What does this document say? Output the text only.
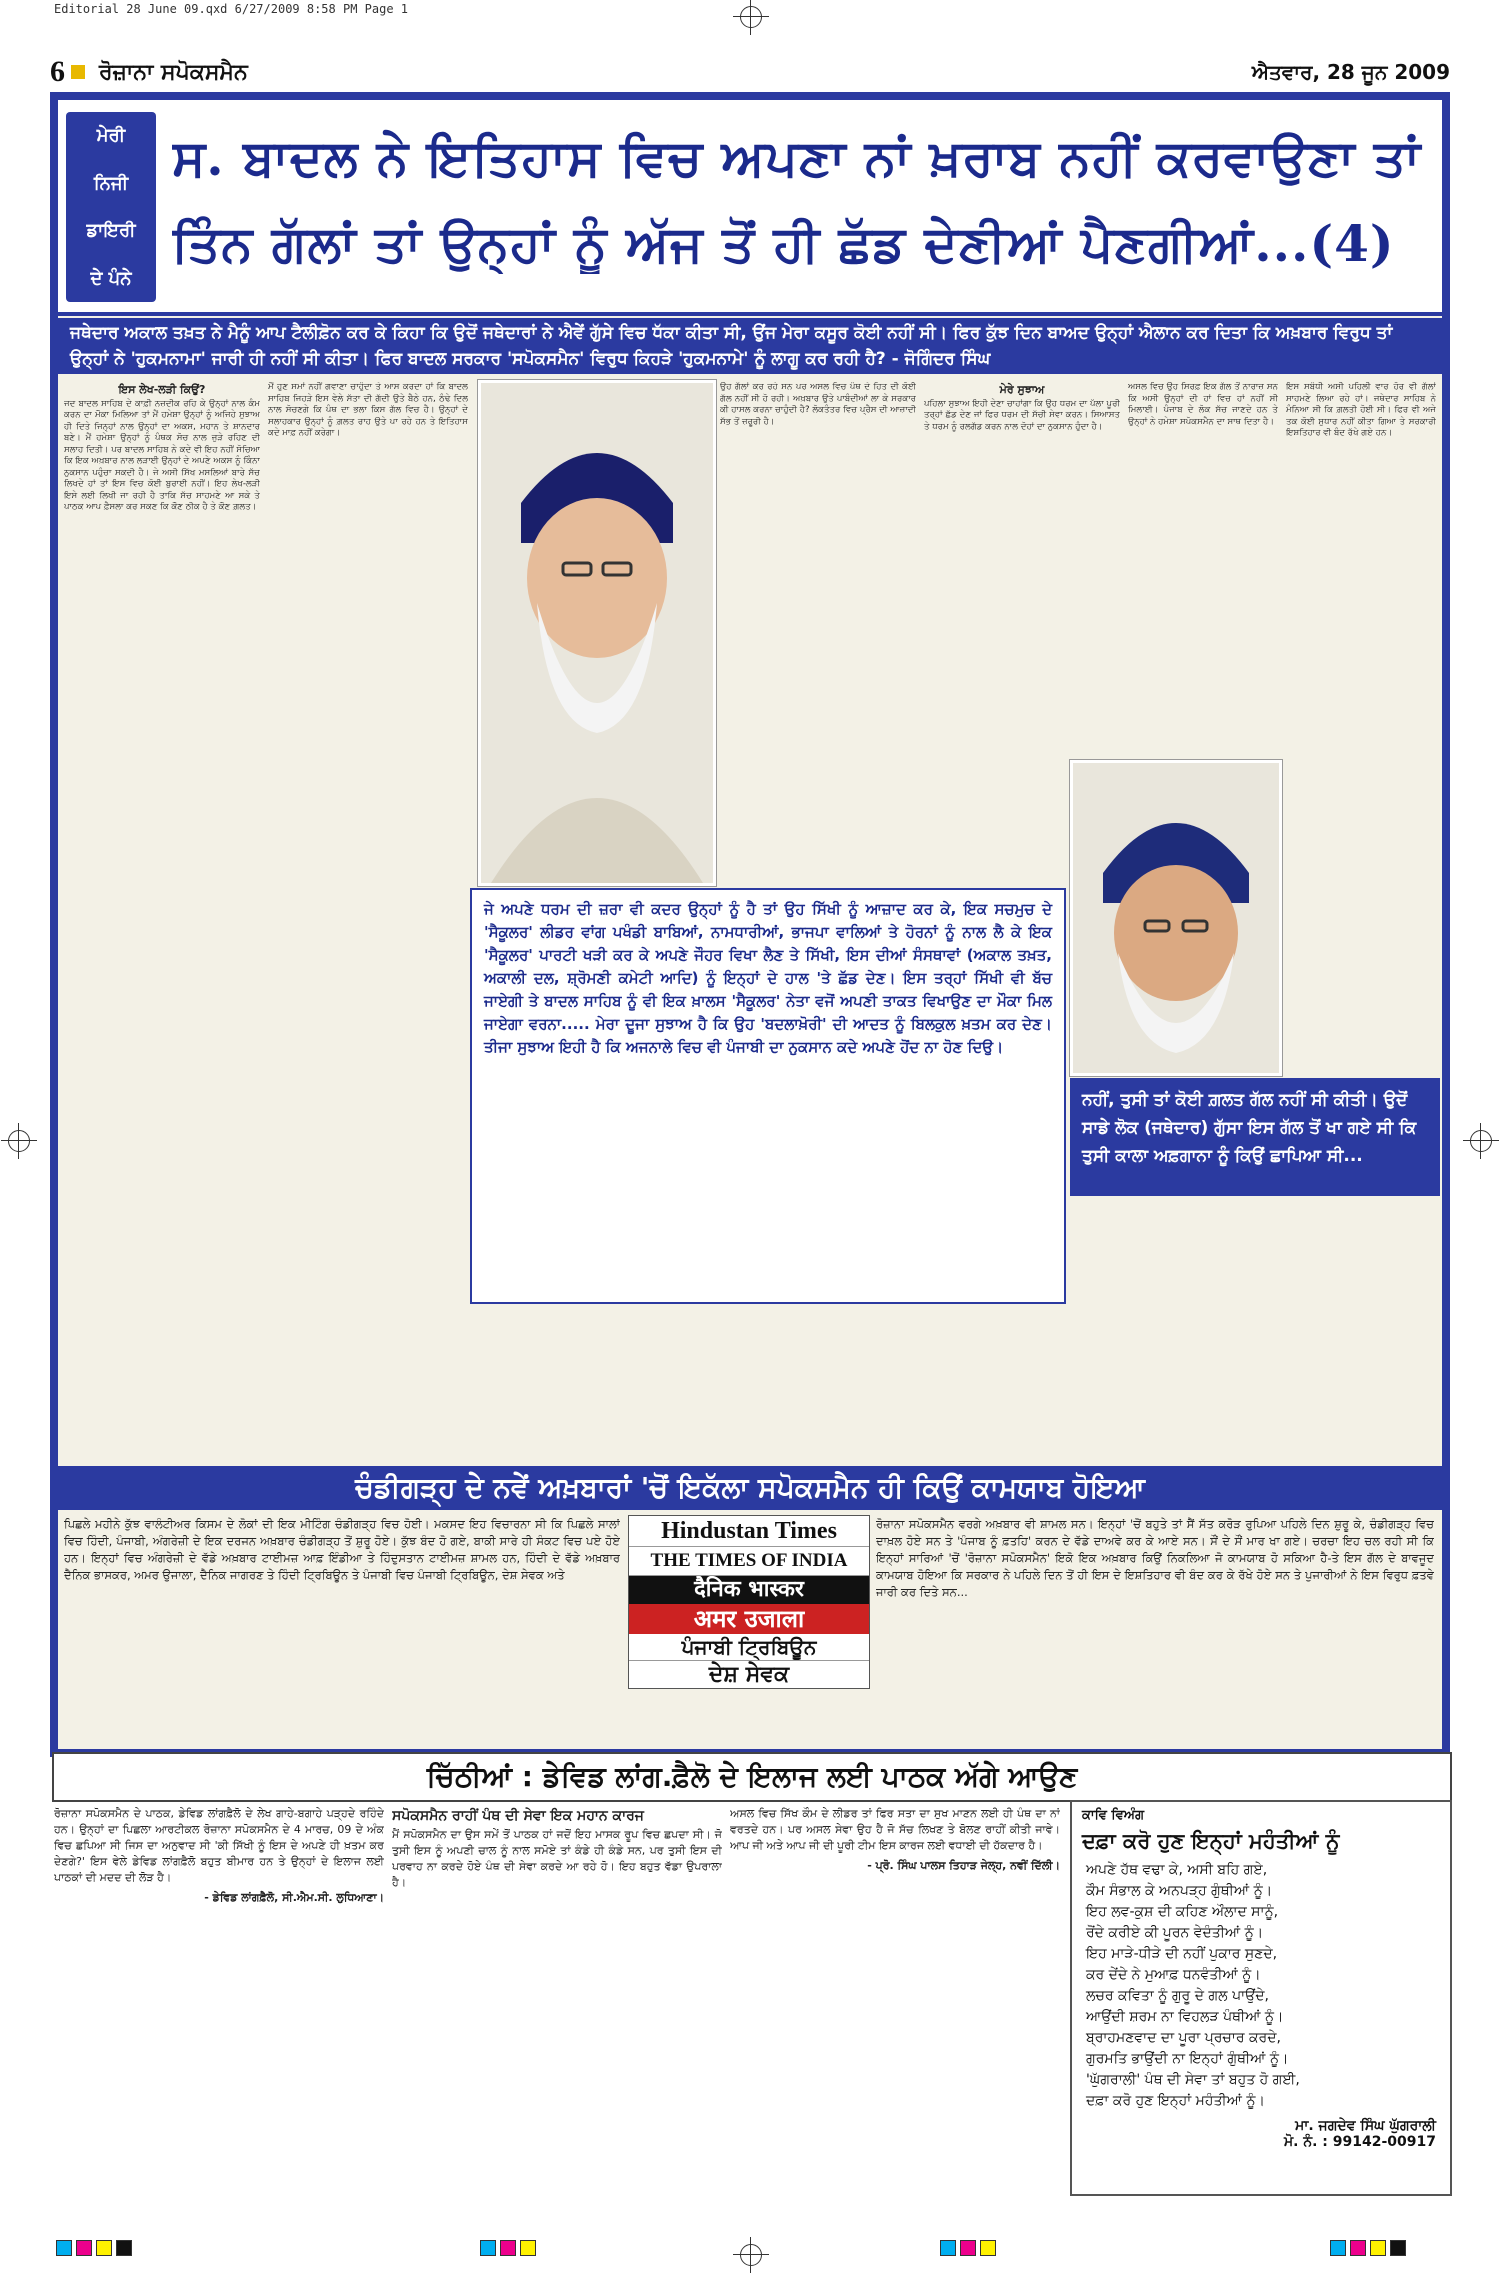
Editorial 28 June 09.qxd 6/27/2009 8:58 PM Page 1
6 ਰੋਜ਼ਾਨਾ ਸਪੋਕਸਮੈਨ	ਐਤਵਾਰ, 28 ਜੂਨ 2009
ਮੇਰੀ
ਨਿਜੀ
ਡਾਇਰੀ
ਦੇ ਪੰਨੇ
ਸ. ਬਾਦਲ ਨੇ ਇਤਿਹਾਸ ਵਿਚ ਅਪਣਾ ਨਾਂ ਖ਼ਰਾਬ ਨਹੀਂ ਕਰਵਾਉਣਾ ਤਾਂ
ਤਿੰਨ ਗੱਲਾਂ ਤਾਂ ਉਨ੍ਹਾਂ ਨੂੰ ਅੱਜ ਤੋਂ ਹੀ ਛੱਡ ਦੇਣੀਆਂ ਪੈਣਗੀਆਂ...(4)
ਜਥੇਦਾਰ ਅਕਾਲ ਤਖ਼ਤ ਨੇ ਮੈਨੂੰ ਆਪ ਟੈਲੀਫ਼ੋਨ ਕਰ ਕੇ ਕਿਹਾ ਕਿ ਉਦੋਂ ਜਥੇਦਾਰਾਂ ਨੇ ਐਵੇਂ ਗੁੱਸੇ ਵਿਚ ਧੱਕਾ ਕੀਤਾ ਸੀ, ਉਂਜ ਮੇਰਾ ਕਸੂਰ ਕੋਈ ਨਹੀਂ ਸੀ। ਫਿਰ ਕੁੱਝ ਦਿਨ ਬਾਅਦ ਉਨ੍ਹਾਂ ਐਲਾਨ ਕਰ ਦਿਤਾ ਕਿ ਅਖ਼ਬਾਰ ਵਿਰੁਧ ਤਾਂ ਉਨ੍ਹਾਂ ਨੇ 'ਹੁਕਮਨਾਮਾ' ਜਾਰੀ ਹੀ ਨਹੀਂ ਸੀ ਕੀਤਾ। ਫਿਰ ਬਾਦਲ ਸਰਕਾਰ 'ਸਪੋਕਸਮੈਨ' ਵਿਰੁਧ ਕਿਹੜੇ 'ਹੁਕਮਨਾਮੇ' ਨੂੰ ਲਾਗੂ ਕਰ ਰਹੀ ਹੈ? - ਜੋਗਿੰਦਰ ਸਿੰਘ
ਇਸ ਲੇਖ-ਲੜੀ ਕਿਉਂ?

ਜਦ ਬਾਦਲ ਸਾਹਿਬ ਦੇ ਕਾਫ਼ੀ ਨਜ਼ਦੀਕ ਰਹਿ ਕੇ ਉਨ੍ਹਾਂ ਨਾਲ ਕੰਮ ਕਰਨ ਦਾ ਮੌਕਾ ਮਿਲਿਆ ਤਾਂ ਮੈਂ ਹਮੇਸ਼ਾ ਉਨ੍ਹਾਂ ਨੂੰ ਅਜਿਹੇ ਸੁਝਾਅ ਹੀ ਦਿਤੇ ਜਿਨ੍ਹਾਂ ਨਾਲ ਉਨ੍ਹਾਂ ਦਾ ਅਕਸ, ਮਹਾਨ ਤੇ ਸ਼ਾਨਦਾਰ ਬਣੇ। ਮੈਂ ਹਮੇਸ਼ਾ ਉਨ੍ਹਾਂ ਨੂੰ ਪੰਥਕ ਸੋਚ ਨਾਲ ਜੁੜੇ ਰਹਿਣ ਦੀ ਸਲਾਹ ਦਿਤੀ। ਪਰ ਬਾਦਲ ਸਾਹਿਬ ਨੇ ਕਦੇ ਵੀ ਇਹ ਨਹੀਂ ਸੋਚਿਆ ਕਿ ਇਕ ਅਖ਼ਬਾਰ ਨਾਲ ਲੜਾਈ ਉਨ੍ਹਾਂ ਦੇ ਅਪਣੇ ਅਕਸ ਨੂੰ ਕਿੰਨਾ ਨੁਕਸਾਨ ਪਹੁੰਚਾ ਸਕਦੀ ਹੈ। ਜੇ ਅਸੀ ਸਿੱਖ ਮਸਲਿਆਂ ਬਾਰੇ ਸੱਚ ਲਿਖਦੇ ਹਾਂ ਤਾਂ ਇਸ ਵਿਚ ਕੋਈ ਬੁਰਾਈ ਨਹੀਂ। ਇਹ ਲੇਖ-ਲੜੀ ਇਸੇ ਲਈ ਲਿਖੀ ਜਾ ਰਹੀ ਹੈ ਤਾਕਿ ਸੱਚ ਸਾਹਮਣੇ ਆ ਸਕੇ ਤੇ ਪਾਠਕ ਆਪ ਫ਼ੈਸਲਾ ਕਰ ਸਕਣ ਕਿ ਕੌਣ ਠੀਕ ਹੈ ਤੇ ਕੌਣ ਗ਼ਲਤ।

ਮੈਂ ਹੁਣ ਸਮਾਂ ਨਹੀਂ ਗਵਾਣਾ ਚਾਹੁੰਦਾ ਤੇ ਆਸ ਕਰਦਾ ਹਾਂ ਕਿ ਬਾਦਲ ਸਾਹਿਬ ਜਿਹੜੇ ਇਸ ਵੇਲੇ ਸੱਤਾ ਦੀ ਗੱਦੀ ਉਤੇ ਬੈਠੇ ਹਨ, ਠੰਢੇ ਦਿਲ ਨਾਲ ਸੋਚਣਗੇ ਕਿ ਪੰਥ ਦਾ ਭਲਾ ਕਿਸ ਗੱਲ ਵਿਚ ਹੈ। ਉਨ੍ਹਾਂ ਦੇ ਸਲਾਹਕਾਰ ਉਨ੍ਹਾਂ ਨੂੰ ਗ਼ਲਤ ਰਾਹ ਉਤੇ ਪਾ ਰਹੇ ਹਨ ਤੇ ਇਤਿਹਾਸ ਕਦੇ ਮਾਫ਼ ਨਹੀਂ ਕਰੇਗਾ।

ਉਹ ਗੱਲਾਂ ਕਰ ਰਹੇ ਸਨ ਪਰ ਅਸਲ ਵਿਚ ਪੰਥ ਦੇ ਹਿਤ ਦੀ ਕੋਈ ਗੱਲ ਨਹੀਂ ਸੀ ਹੋ ਰਹੀ। ਅਖ਼ਬਾਰ ਉਤੇ ਪਾਬੰਦੀਆਂ ਲਾ ਕੇ ਸਰਕਾਰ ਕੀ ਹਾਸਲ ਕਰਨਾ ਚਾਹੁੰਦੀ ਹੈ? ਲੋਕਤੰਤਰ ਵਿਚ ਪ੍ਰੈਸ ਦੀ ਆਜ਼ਾਦੀ ਸੱਭ ਤੋਂ ਜ਼ਰੂਰੀ ਹੈ।

ਮੇਰੇ ਸੁਝਾਅ

ਪਹਿਲਾ ਸੁਝਾਅ ਇਹੀ ਦੇਣਾ ਚਾਹਾਂਗਾ ਕਿ ਉਹ ਧਰਮ ਦਾ ਪੱਲਾ ਪੂਰੀ ਤਰ੍ਹਾਂ ਛੱਡ ਦੇਣ ਜਾਂ ਫਿਰ ਧਰਮ ਦੀ ਸੱਚੀ ਸੇਵਾ ਕਰਨ। ਸਿਆਸਤ ਤੇ ਧਰਮ ਨੂੰ ਰਲਗੱਡ ਕਰਨ ਨਾਲ ਦੋਹਾਂ ਦਾ ਨੁਕਸਾਨ ਹੁੰਦਾ ਹੈ।

ਅਸਲ ਵਿਚ ਉਹ ਸਿਰਫ਼ ਇਕ ਗੱਲ ਤੋਂ ਨਾਰਾਜ਼ ਸਨ ਕਿ ਅਸੀ ਉਨ੍ਹਾਂ ਦੀ ਹਾਂ ਵਿਚ ਹਾਂ ਨਹੀਂ ਸੀ ਮਿਲਾਈ। ਪੰਜਾਬ ਦੇ ਲੋਕ ਸੱਚ ਜਾਣਦੇ ਹਨ ਤੇ ਉਨ੍ਹਾਂ ਨੇ ਹਮੇਸ਼ਾ ਸਪੋਕਸਮੈਨ ਦਾ ਸਾਥ ਦਿਤਾ ਹੈ।

ਇਸ ਸਬੰਧੀ ਅਸੀ ਪਹਿਲੀ ਵਾਰ ਹੋਰ ਵੀ ਗੱਲਾਂ ਸਾਹਮਣੇ ਲਿਆ ਰਹੇ ਹਾਂ। ਜਥੇਦਾਰ ਸਾਹਿਬ ਨੇ ਮੰਨਿਆ ਸੀ ਕਿ ਗ਼ਲਤੀ ਹੋਈ ਸੀ। ਫਿਰ ਵੀ ਅਜੇ ਤਕ ਕੋਈ ਸੁਧਾਰ ਨਹੀਂ ਕੀਤਾ ਗਿਆ ਤੇ ਸਰਕਾਰੀ ਇਸ਼ਤਿਹਾਰ ਵੀ ਬੰਦ ਰੱਖੇ ਗਏ ਹਨ।

ਜੇ ਅਪਣੇ ਧਰਮ ਦੀ ਜ਼ਰਾ ਵੀ ਕਦਰ ਉਨ੍ਹਾਂ ਨੂੰ ਹੈ ਤਾਂ ਉਹ ਸਿੱਖੀ ਨੂੰ ਆਜ਼ਾਦ ਕਰ ਕੇ, ਇਕ ਸਚਮੁਚ ਦੇ 'ਸੈਕੂਲਰ' ਲੀਡਰ ਵਾਂਗ ਪਖੰਡੀ ਬਾਬਿਆਂ, ਨਾਮਧਾਰੀਆਂ, ਭਾਜਪਾ ਵਾਲਿਆਂ ਤੇ ਹੋਰਨਾਂ ਨੂੰ ਨਾਲ ਲੈ ਕੇ ਇਕ 'ਸੈਕੂਲਰ' ਪਾਰਟੀ ਖੜੀ ਕਰ ਕੇ ਅਪਣੇ ਜੌਹਰ ਵਿਖਾ ਲੈਣ ਤੇ ਸਿੱਖੀ, ਇਸ ਦੀਆਂ ਸੰਸਥਾਵਾਂ (ਅਕਾਲ ਤਖ਼ਤ, ਅਕਾਲੀ ਦਲ, ਸ਼੍ਰੋਮਣੀ ਕਮੇਟੀ ਆਦਿ) ਨੂੰ ਇਨ੍ਹਾਂ ਦੇ ਹਾਲ 'ਤੇ ਛੱਡ ਦੇਣ। ਇਸ ਤਰ੍ਹਾਂ ਸਿੱਖੀ ਵੀ ਬੱਚ ਜਾਏਗੀ ਤੇ ਬਾਦਲ ਸਾਹਿਬ ਨੂੰ ਵੀ ਇਕ ਖ਼ਾਲਸ 'ਸੈਕੂਲਰ' ਨੇਤਾ ਵਜੋਂ ਅਪਣੀ ਤਾਕਤ ਵਿਖਾਉਣ ਦਾ ਮੌਕਾ ਮਿਲ ਜਾਏਗਾ ਵਰਨਾ..... ਮੇਰਾ ਦੂਜਾ ਸੁਝਾਅ ਹੈ ਕਿ ਉਹ 'ਬਦਲਾਖ਼ੋਰੀ' ਦੀ ਆਦਤ ਨੂੰ ਬਿਲਕੁਲ ਖ਼ਤਮ ਕਰ ਦੇਣ। ਤੀਜਾ ਸੁਝਾਅ ਇਹੀ ਹੈ ਕਿ ਅਜਨਾਲੇ ਵਿਚ ਵੀ ਪੰਜਾਬੀ ਦਾ ਨੁਕਸਾਨ ਕਦੇ ਅਪਣੇ ਹੋਂਦ ਨਾ ਹੋਣ ਦਿਉ।
ਨਹੀਂ, ਤੁਸੀ ਤਾਂ ਕੋਈ ਗ਼ਲਤ ਗੱਲ ਨਹੀਂ ਸੀ ਕੀਤੀ। ਉਦੋਂ ਸਾਡੇ ਲੋਕ (ਜਥੇਦਾਰ) ਗੁੱਸਾ ਇਸ ਗੱਲ ਤੋਂ ਖਾ ਗਏ ਸੀ ਕਿ ਤੁਸੀ ਕਾਲਾ ਅਫ਼ਗਾਨਾ ਨੂੰ ਕਿਉਂ ਛਾਪਿਆ ਸੀ...
ਚੰਡੀਗੜ੍ਹ ਦੇ ਨਵੇਂ ਅਖ਼ਬਾਰਾਂ 'ਚੋਂ ਇਕੱਲਾ ਸਪੋਕਸਮੈਨ ਹੀ ਕਿਉਂ ਕਾਮਯਾਬ ਹੋਇਆ

ਪਿਛਲੇ ਮਹੀਨੇ ਕੁੱਝ ਵਾਲੰਟੀਅਰ ਕਿਸਮ ਦੇ ਲੋਕਾਂ ਦੀ ਇਕ ਮੀਟਿੰਗ ਚੰਡੀਗੜ੍ਹ ਵਿਚ ਹੋਈ। ਮਕਸਦ ਇਹ ਵਿਚਾਰਨਾ ਸੀ ਕਿ ਪਿਛਲੇ ਸਾਲਾਂ ਵਿਚ ਹਿੰਦੀ, ਪੰਜਾਬੀ, ਅੰਗਰੇਜ਼ੀ ਦੇ ਇਕ ਦਰਜਨ ਅਖ਼ਬਾਰ ਚੰਡੀਗੜ੍ਹ ਤੋਂ ਸ਼ੁਰੂ ਹੋਏ। ਕੁੱਝ ਬੰਦ ਹੋ ਗਏ, ਬਾਕੀ ਸਾਰੇ ਹੀ ਸੰਕਟ ਵਿਚ ਪਏ ਹੋਏ ਹਨ। ਇਨ੍ਹਾਂ ਵਿਚ ਅੰਗਰੇਜ਼ੀ ਦੇ ਵੱਡੇ ਅਖ਼ਬਾਰ ਟਾਈਮਜ਼ ਆਫ਼ ਇੰਡੀਆ ਤੇ ਹਿੰਦੁਸਤਾਨ ਟਾਈਮਜ਼ ਸ਼ਾਮਲ ਹਨ, ਹਿੰਦੀ ਦੇ ਵੱਡੇ ਅਖ਼ਬਾਰ ਦੈਨਿਕ ਭਾਸਕਰ, ਅਮਰ ਉਜਾਲਾ, ਦੈਨਿਕ ਜਾਗਰਣ ਤੇ ਹਿੰਦੀ ਟ੍ਰਿਬਿਊਨ ਤੇ ਪੰਜਾਬੀ ਵਿਚ ਪੰਜਾਬੀ ਟ੍ਰਿਬਿਊਨ, ਦੇਸ਼ ਸੇਵਕ ਅਤੇ

Hindustan Times
THE TIMES OF INDIA
दैनिक भास्कर
अमर उजाला
ਪੰਜਾਬੀ ਟ੍ਰਿਬਿਊਨ
ਦੇਸ਼ ਸੇਵਕ

ਰੋਜ਼ਾਨਾ ਸਪੋਕਸਮੈਨ ਵਰਗੇ ਅਖ਼ਬਾਰ ਵੀ ਸ਼ਾਮਲ ਸਨ। ਇਨ੍ਹਾਂ 'ਚੋਂ ਬਹੁਤੇ ਤਾਂ ਸੈਂ ਸੱਤ ਕਰੋੜ ਰੁਪਿਆ ਪਹਿਲੇ ਦਿਨ ਸ਼ੁਰੂ ਕੇ, ਚੰਡੀਗੜ੍ਹ ਵਿਚ ਦਾਖ਼ਲ ਹੋਏ ਸਨ ਤੇ 'ਪੰਜਾਬ ਨੂੰ ਫ਼ਤਹਿ' ਕਰਨ ਦੇ ਵੱਡੇ ਦਾਅਵੇ ਕਰ ਕੇ ਆਏ ਸਨ। ਸੌਂ ਦੇ ਸੌਂ ਮਾਰ ਖਾ ਗਏ। ਚਰਚਾ ਇਹ ਚਲ ਰਹੀ ਸੀ ਕਿ ਇਨ੍ਹਾਂ ਸਾਰਿਆਂ 'ਚੋਂ 'ਰੋਜ਼ਾਨਾ ਸਪੋਕਸਮੈਨ' ਇਕੋ ਇਕ ਅਖ਼ਬਾਰ ਕਿਉਂ ਨਿਕਲਿਆ ਜੋ ਕਾਮਯਾਬ ਹੋ ਸਕਿਆ ਹੈ-ਤੇ ਇਸ ਗੱਲ ਦੇ ਬਾਵਜੂਦ ਕਾਮਯਾਬ ਹੋਇਆ ਕਿ ਸਰਕਾਰ ਨੇ ਪਹਿਲੇ ਦਿਨ ਤੋਂ ਹੀ ਇਸ ਦੇ ਇਸ਼ਤਿਹਾਰ ਵੀ ਬੰਦ ਕਰ ਕੇ ਰੱਖੇ ਹੋਏ ਸਨ ਤੇ ਪੁਜਾਰੀਆਂ ਨੇ ਇਸ ਵਿਰੁਧ ਫ਼ਤਵੇ ਜਾਰੀ ਕਰ ਦਿਤੇ ਸਨ...

ਚਿੱਠੀਆਂ : ਡੇਵਿਡ ਲਾਂਗ.ਫ਼ੈਲੋ ਦੇ ਇਲਾਜ ਲਈ ਪਾਠਕ ਅੱਗੇ ਆਉਣ

ਰੋਜ਼ਾਨਾ ਸਪੋਕਸਮੈਨ ਦੇ ਪਾਠਕ, ਡੇਵਿਡ ਲਾਂਗਫ਼ੈਲੋ ਦੇ ਲੇਖ ਗਾਹੇ-ਬਗਾਹੇ ਪੜ੍ਹਦੇ ਰਹਿੰਦੇ ਹਨ। ਉਨ੍ਹਾਂ ਦਾ ਪਿਛਲਾ ਆਰਟੀਕਲ ਰੋਜ਼ਾਨਾ ਸਪੋਕਸਮੈਨ ਦੇ 4 ਮਾਰਚ, 09 ਦੇ ਅੰਕ ਵਿਚ ਛਪਿਆ ਸੀ ਜਿਸ ਦਾ ਅਨੁਵਾਦ ਸੀ 'ਕੀ ਸਿੱਖੀ ਨੂੰ ਇਸ ਦੇ ਅਪਣੇ ਹੀ ਖ਼ਤਮ ਕਰ ਦੇਣਗੇ?' ਇਸ ਵੇਲੇ ਡੇਵਿਡ ਲਾਂਗਫ਼ੈਲੋ ਬਹੁਤ ਬੀਮਾਰ ਹਨ ਤੇ ਉਨ੍ਹਾਂ ਦੇ ਇਲਾਜ ਲਈ ਪਾਠਕਾਂ ਦੀ ਮਦਦ ਦੀ ਲੋੜ ਹੈ।

- ਡੇਵਿਡ ਲਾਂਗਫ਼ੈਲੋ, ਸੀ.ਐਮ.ਸੀ. ਲੁਧਿਆਣਾ।

ਸਪੋਕਸਮੈਨ ਰਾਹੀਂ ਪੰਥ ਦੀ ਸੇਵਾ ਇਕ ਮਹਾਨ ਕਾਰਜ

ਮੈਂ ਸਪੋਕਸਮੈਨ ਦਾ ਉਸ ਸਮੇਂ ਤੋਂ ਪਾਠਕ ਹਾਂ ਜਦੋਂ ਇਹ ਮਾਸਕ ਰੂਪ ਵਿਚ ਛਪਦਾ ਸੀ। ਜੋ ਤੁਸੀ ਇਸ ਨੂੰ ਅਪਣੀ ਚਾਲ ਨੂੰ ਨਾਲ ਸਮੋਏ ਤਾਂ ਕੰਡੇ ਹੀ ਕੰਡੇ ਸਨ, ਪਰ ਤੁਸੀ ਇਸ ਦੀ ਪਰਵਾਹ ਨਾ ਕਰਦੇ ਹੋਏ ਪੰਥ ਦੀ ਸੇਵਾ ਕਰਦੇ ਆ ਰਹੇ ਹੋ। ਇਹ ਬਹੁਤ ਵੱਡਾ ਉਪਰਾਲਾ ਹੈ।

ਅਸਲ ਵਿਚ ਸਿੱਖ ਕੌਮ ਦੇ ਲੀਡਰ ਤਾਂ ਫਿਰ ਸਤਾ ਦਾ ਸੁਖ ਮਾਣਨ ਲਈ ਹੀ ਪੰਥ ਦਾ ਨਾਂ ਵਰਤਦੇ ਹਨ। ਪਰ ਅਸਲ ਸੇਵਾ ਉਹ ਹੈ ਜੋ ਸੱਚ ਲਿਖਣ ਤੇ ਬੋਲਣ ਰਾਹੀਂ ਕੀਤੀ ਜਾਵੇ। ਆਪ ਜੀ ਅਤੇ ਆਪ ਜੀ ਦੀ ਪੂਰੀ ਟੀਮ ਇਸ ਕਾਰਜ ਲਈ ਵਧਾਈ ਦੀ ਹੱਕਦਾਰ ਹੈ।

- ਪ੍ਰੋ. ਸਿੰਘ ਪਾਲਸ ਤਿਹਾੜ ਜੇਲ੍ਹ, ਨਵੀਂ ਦਿੱਲੀ।

ਕਾਵਿ ਵਿਅੰਗ
ਦਫ਼ਾ ਕਰੋ ਹੁਣ ਇਨ੍ਹਾਂ ਮਹੰਤੀਆਂ ਨੂੰ
ਅਪਣੇ ਹੱਥ ਵਢਾ ਕੇ, ਅਸੀ ਬਹਿ ਗਏ,
ਕੌਮ ਸੰਭਾਲ ਕੇ ਅਨਪੜ੍ਹ ਗੁੰਥੀਆਂ ਨੂੰ।
ਇਹ ਲਵ-ਕੁਸ਼ ਦੀ ਕਹਿਣ ਔਲਾਦ ਸਾਨੂੰ,
ਰੋਂਦੇ ਕਰੀਏ ਕੀ ਪੂਰਨ ਵੇਦੰਤੀਆਂ ਨੂੰ।
ਇਹ ਮਾੜੇ-ਧੀੜੇ ਦੀ ਨਹੀਂ ਪੁਕਾਰ ਸੁਣਦੇ,
ਕਰ ਦੇਂਦੇ ਨੇ ਮੁਆਫ਼ ਧਨਵੰਤੀਆਂ ਨੂੰ।
ਲਚਰ ਕਵਿਤਾ ਨੂੰ ਗੁਰੂ ਦੇ ਗਲ ਪਾਉਂਦੇ,
ਆਉਂਦੀ ਸ਼ਰਮ ਨਾ ਵਿਹਲੜ ਪੰਥੀਆਂ ਨੂੰ।
ਬ੍ਰਾਹਮਣਵਾਦ ਦਾ ਪੂਰਾ ਪ੍ਰਚਾਰ ਕਰਦੇ,
ਗੁਰਮਤਿ ਭਾਉਂਦੀ ਨਾ ਇਨ੍ਹਾਂ ਗੁੰਥੀਆਂ ਨੂੰ।
'ਘੁੱਗਰਾਲੀ' ਪੰਥ ਦੀ ਸੇਵਾ ਤਾਂ ਬਹੁਤ ਹੋ ਗਈ,
ਦਫ਼ਾ ਕਰੋ ਹੁਣ ਇਨ੍ਹਾਂ ਮਹੰਤੀਆਂ ਨੂੰ।
ਮਾ. ਜਗਦੇਵ ਸਿੰਘ ਘੁੱਗਰਾਲੀ
ਮੋ. ਨੰ. : 99142-00917
